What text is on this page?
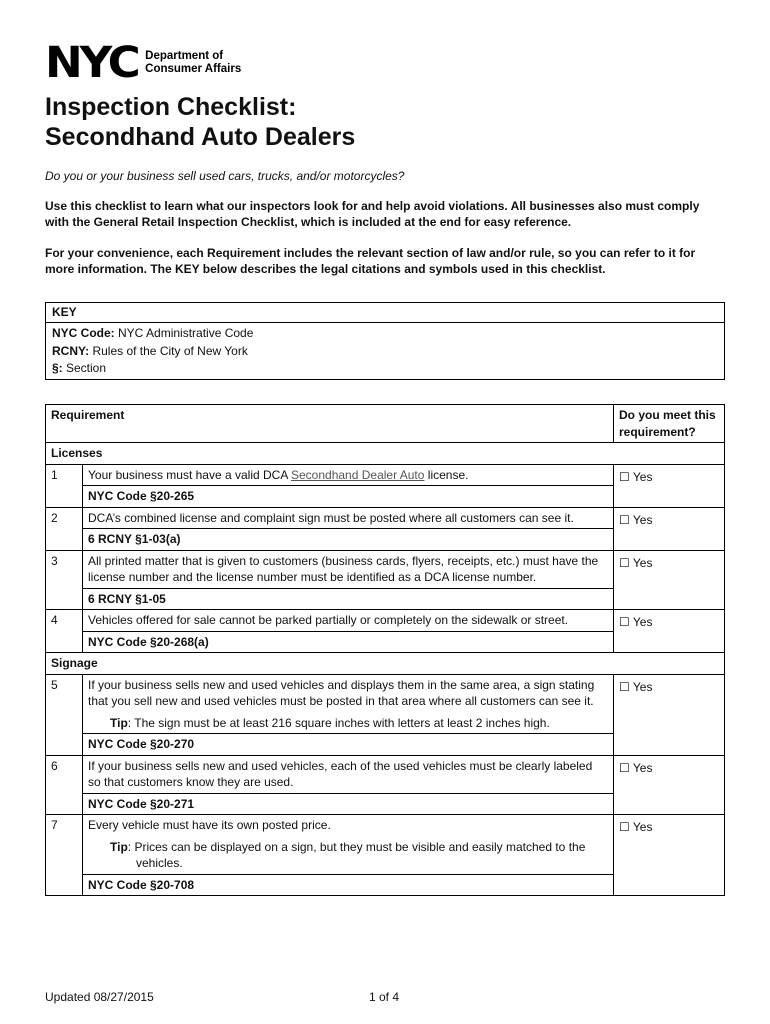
NYC Department of
Consumer Affairs
Inspection Checklist:
Secondhand Auto Dealers
Do you or your business sell used cars, trucks, and/or motorcycles?
Use this checklist to learn what our inspectors look for and help avoid violations. All businesses also must comply with the General Retail Inspection Checklist, which is included at the end for easy reference.
For your convenience, each Requirement includes the relevant section of law and/or rule, so you can refer to it for more information. The KEY below describes the legal citations and symbols used in this checklist.
KEY
NYC Code: NYC Administrative Code
RCNY: Rules of the City of New York
§: Section
Requirement		Do you meet this requirement?
Licenses		
1	Your business must have a valid DCA Secondhand Dealer Auto license.	☐ Yes
	NYC Code §20-265	
2	DCA’s combined license and complaint sign must be posted where all customers can see it.	☐ Yes
	6 RCNY §1-03(a)	
3	All printed matter that is given to customers (business cards, flyers, receipts, etc.) must have the license number and the license number must be identified as a DCA license number.	☐ Yes
	6 RCNY §1-05	
4	Vehicles offered for sale cannot be parked partially or completely on the sidewalk or street.	☐ Yes
	NYC Code §20-268(a)	
Signage		
5	If your business sells new and used vehicles and displays them in the same area, a sign stating that you sell new and used vehicles must be posted in that area where all customers can see it.
Tip: The sign must be at least 216 square inches with letters at least 2 inches high.	☐ Yes
	NYC Code §20-270	
6	If your business sells new and used vehicles, each of the used vehicles must be clearly labeled so that customers know they are used.	☐ Yes
	NYC Code §20-271	
7	Every vehicle must have its own posted price.
Tip: Prices can be displayed on a sign, but they must be visible and easily matched to the vehicles.	☐ Yes
	NYC Code §20-708	
Updated 08/27/2015	1 of 4
